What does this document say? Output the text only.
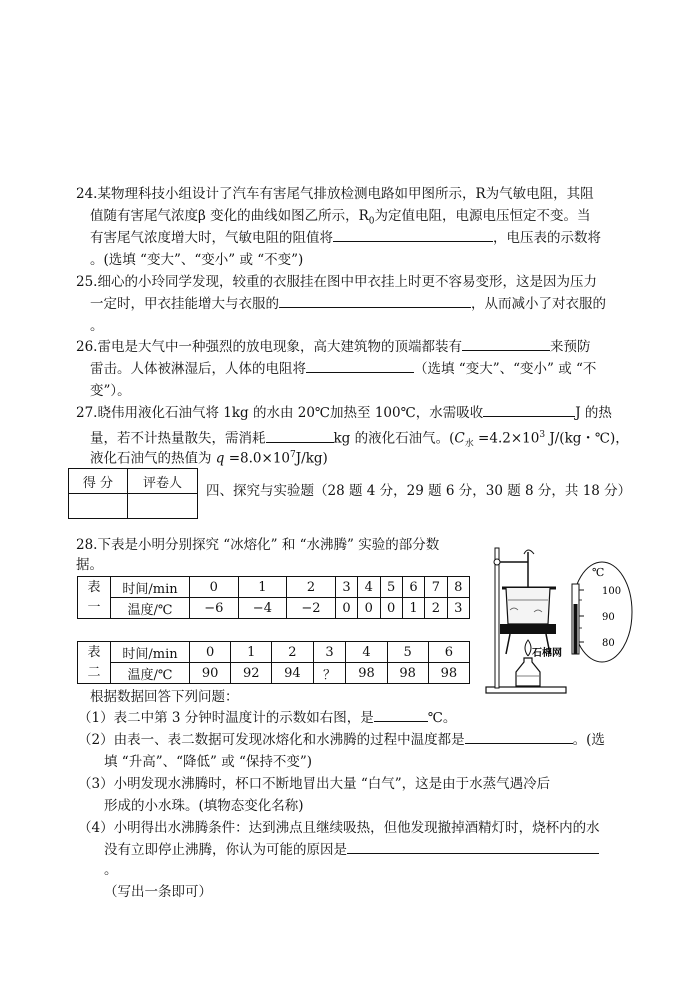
24.某物理科技小组设计了汽车有害尾气排放检测电路如甲图所示，R为气敏电阻，其阻
值随有害尾气浓度β 变化的曲线如图乙所示，$R_0$为定值电阻，电源电压恒定不变。当
有害尾气浓度增大时，气敏电阻的阻值将	，电压表的示数将
。(选填 “变大”、“变小” 或 “不变”)
25.细心的小玲同学发现，较重的衣服挂在图中甲衣挂上时更不容易变形，这是因为压力
一定时，甲衣挂能增大与衣服的	，从而减小了对衣服的
。
26.雷电是大气中一种强烈的放电现象，高大建筑物的顶端都装有	来预防
雷击。人体被淋湿后，人体的电阻将	（选填 “变大”、“变小” 或 “不
变”）。
27.晓伟用液化石油气将 1kg 的水由 20℃加热至 100℃，水需吸收	J 的热
量，若不计热量散失，需消耗	kg 的液化石油气。($C_水 =4.2\times 10^3$ J/(kg・℃)，
液化石油气的热值为 $q =8.0\times 10^7J/kg$)
得 分	评卷人
	四、探究与实验题（28 题 4 分，29 题 6 分，30 题 8 分，共 18 分）
28.下表是小明分别探究 “冰熔化” 和 “水沸腾” 实验的部分数
据。
表
一	时间/min	0	1	2	3	4	5	6	7	8
	温度/℃	−6	−4	−2	0	0	0	1	2	3
表
二	时间/min	0	1	2	3	4	5	6
	温度/℃	90	92	94	？	98	98	98
℃
100
90
80
石棉网
根据数据回答下列问题：
（1）表二中第 3 分钟时温度计的示数如右图，是	℃。
（2）由表一、表二数据可发现冰熔化和水沸腾的过程中温度都是	。(选
填 “升高”、“降低” 或 “保持不变”)
（3）小明发现水沸腾时，杯口不断地冒出大量 “白气”，这是由于水蒸气遇冷后
形成的小水珠。(填物态变化名称)
（4）小明得出水沸腾条件：达到沸点且继续吸热，但他发现撤掉酒精灯时，烧杯内的水
没有立即停止沸腾，你认为可能的原因是
。
（写出一条即可）
